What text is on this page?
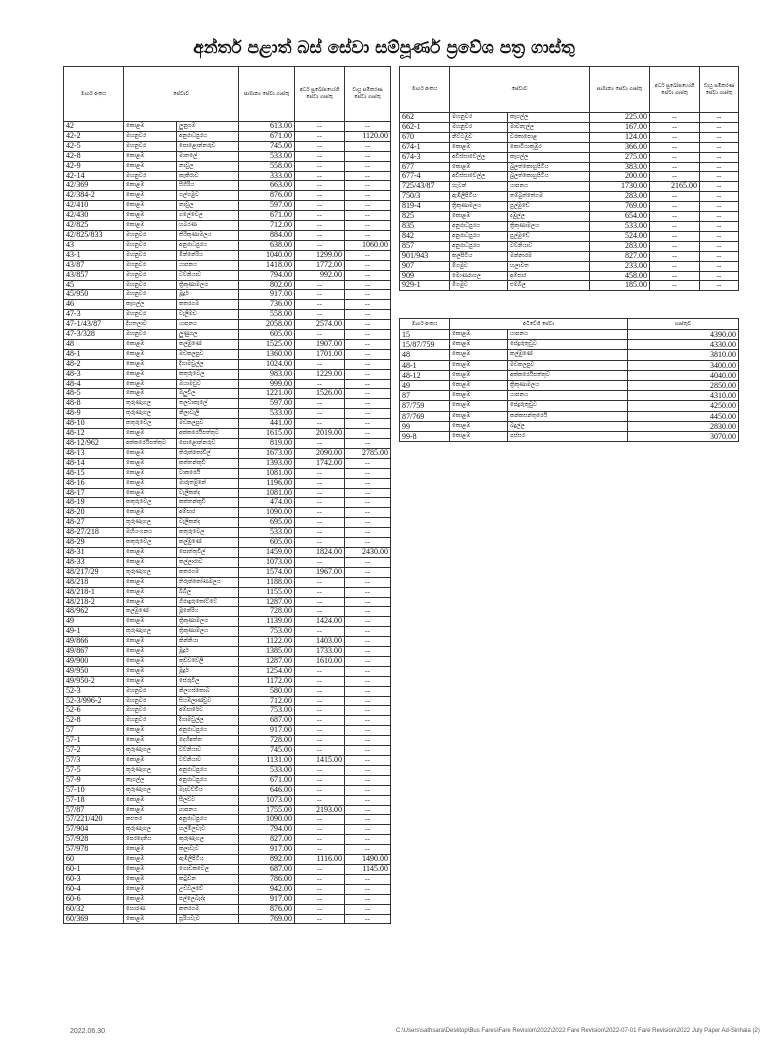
අන්තර් පළාත් බස් සේවා සම්පූර්ණ ප්‍රවේශ පත්‍ර ගාස්තු
මාර්ග අංකය	සේවාව		සාමාන්‍ය සේවා ගාස්තු	අර්ධ සුඛෝපභෝගී සේවා ගාස්තු	වායු සමීකරණ සේවා ගාස්තු
42	කොළඹ	ලුනුගම	613.00	--	--
42-2	මහනුවර	අනුරාධපුරය	671.00	--	1120.00
42-5	මහනුවර	පොළොන්නරුව	745.00	--	--
42-8	කොළඹ	මාතලේ	533.00	--	--
42-9	කොළඹ	නාවුල	558.00	--	--
42-14	මහනුවර	කැකිරාව	333.00	--	--
42/369	කොළඹ	සීගිරිය	663.00	--	--
42/384-2	කොළඹ	ගල්ගමුව	876.00	--	--
42/410	කොළඹ	නාවුල	597.00	--	--
42/430	කොළඹ	ගලේවෙල	671.00	--	--
42/825	කොළඹ	හබරණ	712.00	--	--
42/825/833	මහනුවර	තිරිකුණාමලය	884.00	--	--
43	මහනුවර	අනුරාධපුරය	638.00	--	1060.00
43-1	මහනුවර	මින්නේරිය	1040.00	1299.00	--
43/87	මහනුවර	යාපනය	1418.00	1772.00	--
43/857	මහනුවර	වව්නියාව	794.00	992.00	--
45	මහනුවර	ත්‍රිකුණාමලය	802.00	--	--
45/950	මහනුවර	මූදූර්	917.00	--	--
46	කෑගල්ල	කතරගම	736.00	--	--
47-3	මහනුවර	වැලිමඩ	558.00	--	--
47-1/43/87	දියතලාව	යාපනය	2058.00	2574.00	--
47-3/328	මහනුවර	ලුණුගල	605.00	--	--
48	කොළඹ	කල්මුණේ	1525.00	1907.00	--
48-1	කොළඹ	මඩකලපුව	1360.00	1701.00	--
48-2	කොළඹ	දිගාමඩුල්ල	1024.00	--	--
48-3	කොළඹ	කතුරුවෙල	983.00	1229.00	--
48-4	කොළඹ	ඔයාමඩුව	999.00	--	--
48-5	කොළඹ	ඔලුවිල	1221.00	1526.00	--
48-8	කුරුණෑගල	තලවාකැලේ	597.00	--	--
48-9	කුරුණෑගල	නිලාවැලි	533.00	--	--
48-10	කතුරුවෙල	මඩකලපුව	441.00	--	--
48-12	කොළඹ	අක්කරෙයිපත්තුව	1615.00	2019.00	--
48-12/962	අක්කරෙයිපත්තුව	පොළොන්නරුව	819.00	--	--
48-13	කොළඹ	තිරුක්කෝවිල්	1673.00	2090.00	2785.00
48-14	කොළඹ	කත්තන්කුඩි	1393.00	1742.00	--
48-15	කොළඹ	වාකරෙයි	1081.00	--	--
48-16	කොළඹ	මාරුතමුනේ	1196.00	--	--
48-17	කොළඹ	වැලිකන්ද	1081.00	--	--
48-19	කතුරුවෙල	කත්තන්කුඩි	474.00	--	--
48-20	කොළඹ	අම්පාර	1090.00	--	--
48-27	කුරුණෑගල	වැලිකන්ද	695.00	--	--
48-27/218	මහියංගනය	කතුරුවෙල	533.00	--	--
48-29	කතුරුවෙල	කල්මුණේ	605.00	--	--
48-31	කොළඹ	පොත්තුවිල්	1459.00	1824.00	2430.00
48-33	කොළඹ	කල්ලාරාව	1073.00	--	--
48/217/29	කුරුණෑගල	කතරගම	1574.00	1967.00	--
48/218	කොළඹ	තිරුක්කෝණමලය	1188.00	--	--
48/218-1	කොළඹ	බිබිල	1155.00	--	--
48/218-2	කොළඹ	ගිරාඳුරුකෝට්ටේ	1287.00	--	--
48/962	කල්මුණේ	මූනේරිය	728.00	--	--
49	කොළඹ	ත්‍රිකුණාමලය	1139.00	1424.00	--
49-1	කුරුණෑගල	ත්‍රිකුණාමලය	753.00	--	--
49/866	කොළඹ	කින්නියා	1122.00	1403.00	--
49/867	කොළඹ	මූදූර්	1385.00	1733.00	--
49/900	කොළඹ	කුච්චවේලි	1287.00	1610.00	--
49/950	කොළඹ	මූදූර්	1254.00	--	--
49/950-2	කොළඹ	සේරුවිල	1172.00	--	--
52-3	මහනුවර	නිලගස්කොබ	580.00	--	--
52-3/996-2	මහනුවර	සියඹලාණ්ඩුව	712.00	--	--
52-6	මහනුවර	අම්පාරේව	753.00	--	--
52-8	මහනුවර	දිගාමඩුල්ල	687.00	--	--
57	කොළඹ	අනුරාධපුරය	917.00	--	--
57-1	කොළඹ	දෙහිඅත්ත	728.00	--	--
57-2	කුරුණෑගල	වව්නියාව	745.00	--	--
57/3	කොළඹ	වව්නියාව	1131.00	1415.00	--
57-5	කුරුණෑගල	අනුරාධපුරය	533.00	--	--
57-9	කෑගල්ල	අනුරාධපුරය	671.00	--	--
57-10	කුරුණෑගල	මැදවච්චිය	646.00	--	--
57-18	කොළඹ	සීලව්ව	1073.00	--	--
57/87	කොළඹ	යාපනය	1755.00	2193.00	--
57/221/420	කළුතර	අනුරාධපුරය	1090.00	--	--
57/904	කුරුණෑගල	හල්මිලවැව	794.00	--	--
57/928	පෙරදෙනිය	කුරුණෑගල	827.00	--	--
57/978	කොළඹ	කලාවැව	917.00	--	--
60	කොළඹ	ඇඹිලිපිටිය	892.00	1116.00	1490.00
60-1	කොළඹ	ගොඩකවෙල	687.00	--	1145.00
60-3	කොළඹ	කටුවන	786.00	--	--
60-4	කොළඹ	උඩවලවේ	942.00	--	--
60-6	කොළඹ	පල්ලෙබැද්ද	917.00	--	--
60/32	හොරණ	කතරගම	876.00	--	--
60/369	කොළඹ	සූරියවැව	769.00	--	--
මාර්ග අංකය	සේවාව		සාමාන්‍ය සේවා ගාස්තු	අර්ධ සුඛෝපභෝගී සේවා ගාස්තු	වායු සමීකරණ සේවා ගාස්තු
662	මහනුවර	කෑගල්ල	225.00	--	--
662-1	මහනුවර	මාවනැල්ල	167.00	--	--
670	නිට්ටඹුව	වරකාපොළ	124.00	--	--
674-1	කොළඹ	කොටියාකුඹුර	366.00	--	--
674-3	අවිස්සාවේල්ල	කෑගල්ල	275.00	--	--
677	කොළඹ	බුලත්කොහුපිටිය	383.00	--	--
677-4	අවිස්සාවේල්ල	බුලත්කොහුපිටිය	200.00	--	--
725/43/87	හැටන්	යාපනය	1730.00	2165.00	--
750/3	ඇඹිලිපිටිය	තම්බුත්තේගම	283.00	--	--
819-4	ත්‍රිකුණාමලය	පුල්මුඩේ	769.00	--	--
825	කොළඹ	දඹුල්ල	654.00	--	--
835	අනුරාධපුරය	ත්‍රිකුණාමලය	533.00	--	--
842	අනුරාධපුරය	පුල්මුඩේ	524.00	--	--
857	අනුරාධපුරය	වව්නියාව	283.00	--	--
901/943	කල්පිටිය	මන්නාරම	827.00	--	--
907	මීගමුව	හලාවත	233.00	--	--
909	මොණරාගල	අම්පාර	458.00	--	--
929-1	මීගමුව	එම්බිල	185.00	--	--
මාර්ග අංකය	අධිවේගී සේවා		ගාස්තුව
15	කොළඹ	යාපනය	4390.00
15/87/759	කොළඹ	පේදුරුතුඩුව	4330.00
48	කොළඹ	කල්මුණේ	3810.00
48-1	කොළඹ	මඩකලපුව	3400.00
48-12	කොළඹ	අක්කරෙයිපත්තුව	4040.00
49	කොළඹ	ත්‍රිකුණාමලය	2850.00
87	කොළඹ	යාපනය	4310.00
87/759	කොළඹ	පේදුරුතුඩුව	4250.00
87/769	කොළඹ	කන්කසන්තුරෙයි	4450.00
99	කොළඹ	බදුල්ල	2830.00
99-8	කොළඹ	පස්සර	3070.00
2022.06.30	C:\Users\sathsara\Desktop\Bus Fares\Fare Revision\2022\2022 Fare Revision\2022-07-01 Fare Revision\2022 July Paper Ad-Sinhala (2)
